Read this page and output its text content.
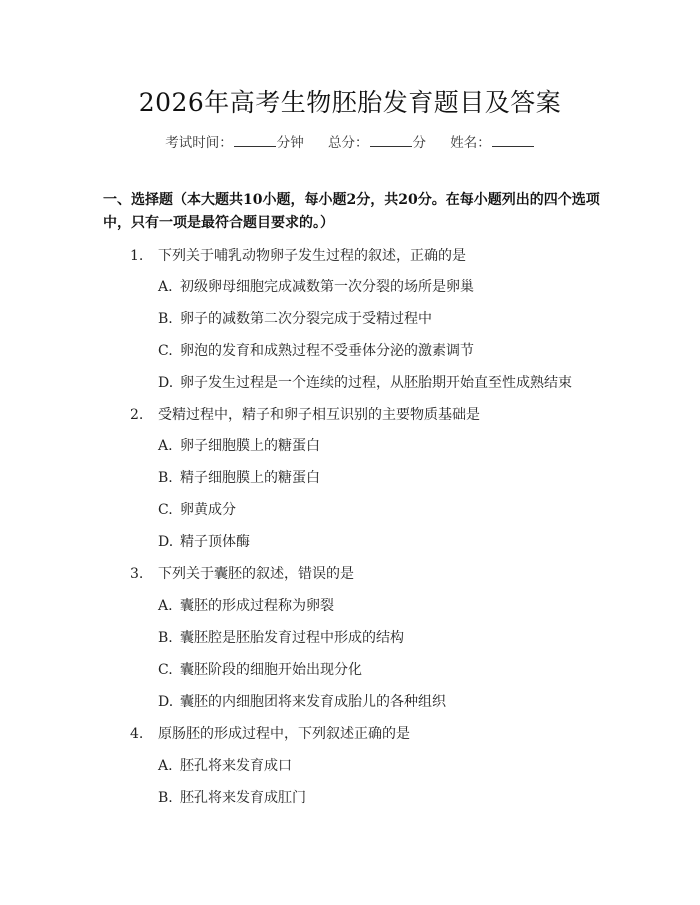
2026年高考生物胚胎发育题目及答案
考试时间：	分钟 总分：	分 姓名：
一、选择题（本大题共10小题，每小题2分，共20分。在每小题列出的四个选项中，只有一项是最符合题目要求的。）
1. 下列关于哺乳动物卵子发生过程的叙述，正确的是
A. 初级卵母细胞完成减数第一次分裂的场所是卵巢
B. 卵子的减数第二次分裂完成于受精过程中
C. 卵泡的发育和成熟过程不受垂体分泌的激素调节
D. 卵子发生过程是一个连续的过程，从胚胎期开始直至性成熟结束
2. 受精过程中，精子和卵子相互识别的主要物质基础是
A. 卵子细胞膜上的糖蛋白
B. 精子细胞膜上的糖蛋白
C. 卵黄成分
D. 精子顶体酶
3. 下列关于囊胚的叙述，错误的是
A. 囊胚的形成过程称为卵裂
B. 囊胚腔是胚胎发育过程中形成的结构
C. 囊胚阶段的细胞开始出现分化
D. 囊胚的内细胞团将来发育成胎儿的各种组织
4. 原肠胚的形成过程中，下列叙述正确的是
A. 胚孔将来发育成口
B. 胚孔将来发育成肛门
